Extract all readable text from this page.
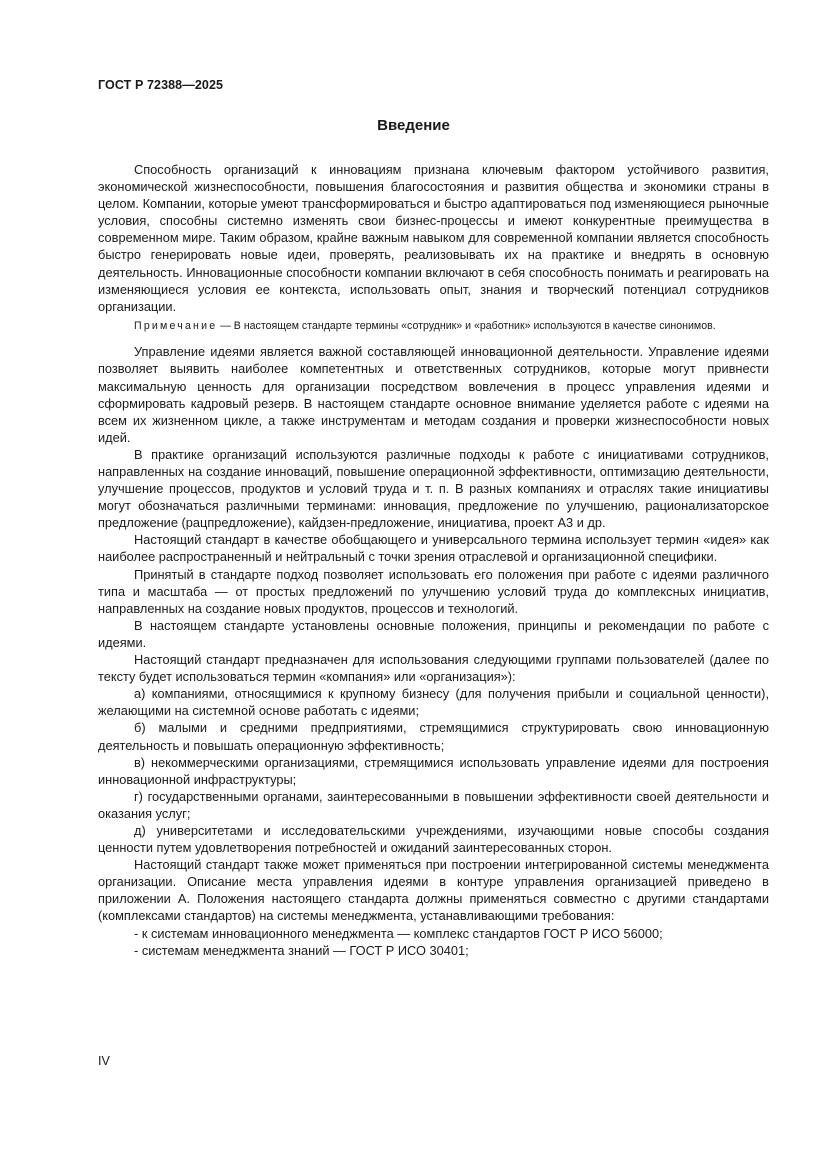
ГОСТ Р 72388—2025
Введение

Способность организаций к инновациям признана ключевым фактором устойчивого развития, экономической жизнеспособности, повышения благосостояния и развития общества и экономики страны в целом. Компании, которые умеют трансформироваться и быстро адаптироваться под изменяющиеся рыночные условия, способны системно изменять свои бизнес-процессы и имеют конкурентные преимущества в современном мире. Таким образом, крайне важным навыком для современной компании является способность быстро генерировать новые идеи, проверять, реализовывать их на практике и внедрять в основную деятельность. Инновационные способности компании включают в себя способность понимать и реагировать на изменяющиеся условия ее контекста, использовать опыт, знания и творческий потенциал сотрудников организации.

Примечание — В настоящем стандарте термины «сотрудник» и «работник» используются в качестве синонимов.

Управление идеями является важной составляющей инновационной деятельности. Управление идеями позволяет выявить наиболее компетентных и ответственных сотрудников, которые могут привнести максимальную ценность для организации посредством вовлечения в процесс управления идеями и сформировать кадровый резерв. В настоящем стандарте основное внимание уделяется работе с идеями на всем их жизненном цикле, а также инструментам и методам создания и проверки жизнеспособности новых идей.

В практике организаций используются различные подходы к работе с инициативами сотрудников, направленных на создание инноваций, повышение операционной эффективности, оптимизацию деятельности, улучшение процессов, продуктов и условий труда и т. п. В разных компаниях и отраслях такие инициативы могут обозначаться различными терминами: инновация, предложение по улучшению, рационализаторское предложение (рацпредложение), кайдзен-предложение, инициатива, проект А3 и др.

Настоящий стандарт в качестве обобщающего и универсального термина использует термин «идея» как наиболее распространенный и нейтральный с точки зрения отраслевой и организационной специфики.

Принятый в стандарте подход позволяет использовать его положения при работе с идеями различного типа и масштаба — от простых предложений по улучшению условий труда до комплексных инициатив, направленных на создание новых продуктов, процессов и технологий.

В настоящем стандарте установлены основные положения, принципы и рекомендации по работе с идеями.

Настоящий стандарт предназначен для использования следующими группами пользователей (далее по тексту будет использоваться термин «компания» или «организация»):

а) компаниями, относящимися к крупному бизнесу (для получения прибыли и социальной ценности), желающими на системной основе работать с идеями;

б) малыми и средними предприятиями, стремящимися структурировать свою инновационную деятельность и повышать операционную эффективность;

в) некоммерческими организациями, стремящимися использовать управление идеями для построения инновационной инфраструктуры;

г) государственными органами, заинтересованными в повышении эффективности своей деятельности и оказания услуг;

д) университетами и исследовательскими учреждениями, изучающими новые способы создания ценности путем удовлетворения потребностей и ожиданий заинтересованных сторон.

Настоящий стандарт также может применяться при построении интегрированной системы менеджмента организации. Описание места управления идеями в контуре управления организацией приведено в приложении А. Положения настоящего стандарта должны применяться совместно с другими стандартами (комплексами стандартов) на системы менеджмента, устанавливающими требования:

- к системам инновационного менеджмента — комплекс стандартов ГОСТ Р ИСО 56000;

- системам менеджмента знаний — ГОСТ Р ИСО 30401;

IV
